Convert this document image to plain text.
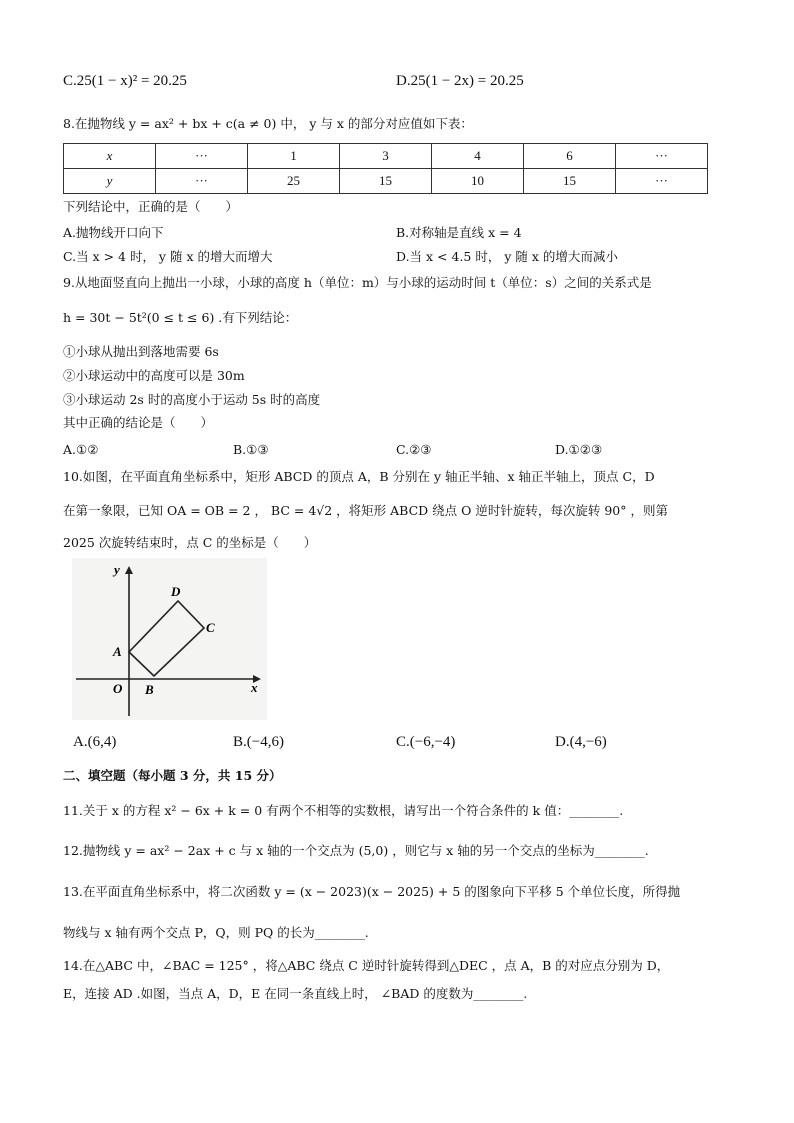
C.25(1 − x)² = 20.25	D.25(1 − 2x) = 20.25
8.在抛物线 y = ax² + bx + c(a ≠ 0) 中， y 与 x 的部分对应值如下表：
x	···	1	3	4	6	···
y	···	25	15	10	15	···
下列结论中，正确的是（　　）
A.抛物线开口向下	B.对称轴是直线 x = 4
C.当 x > 4 时， y 随 x 的增大而增大	D.当 x < 4.5 时， y 随 x 的增大而减小
9.从地面竖直向上抛出一小球，小球的高度 h（单位：m）与小球的运动时间 t（单位：s）之间的关系式是
h = 30t − 5t²(0 ≤ t ≤ 6) .有下列结论：
①小球从抛出到落地需要 6s
②小球运动中的高度可以是 30m
③小球运动 2s 时的高度小于运动 5s 时的高度
其中正确的结论是（　　）
A.①②	B.①③	C.②③	D.①②③
10.如图，在平面直角坐标系中，矩形 ABCD 的顶点 A，B 分别在 y 轴正半轴、x 轴正半轴上，顶点 C，D
在第一象限，已知 OA = OB = 2 ， BC = 4√2 ，将矩形 ABCD 绕点 O 逆时针旋转，每次旋转 90° ，则第
2025 次旋转结束时，点 C 的坐标是（　　）
y
x
O
A
B
C
D
A.(6,4)	B.(−4,6)	C.(−6,−4)	D.(4,−6)
二、填空题（每小题 3 分，共 15 分）
11.关于 x 的方程 x² − 6x + k = 0 有两个不相等的实数根，请写出一个符合条件的 k 值：________.
12.抛物线 y = ax² − 2ax + c 与 x 轴的一个交点为 (5,0) ，则它与 x 轴的另一个交点的坐标为________.
13.在平面直角坐标系中，将二次函数 y = (x − 2023)(x − 2025) + 5 的图象向下平移 5 个单位长度，所得抛
物线与 x 轴有两个交点 P，Q，则 PQ 的长为________.
14.在△ABC 中，∠BAC = 125° ，将△ABC 绕点 C 逆时针旋转得到△DEC ，点 A，B 的对应点分别为 D，
E，连接 AD .如图，当点 A，D，E 在同一条直线上时， ∠BAD 的度数为________.
